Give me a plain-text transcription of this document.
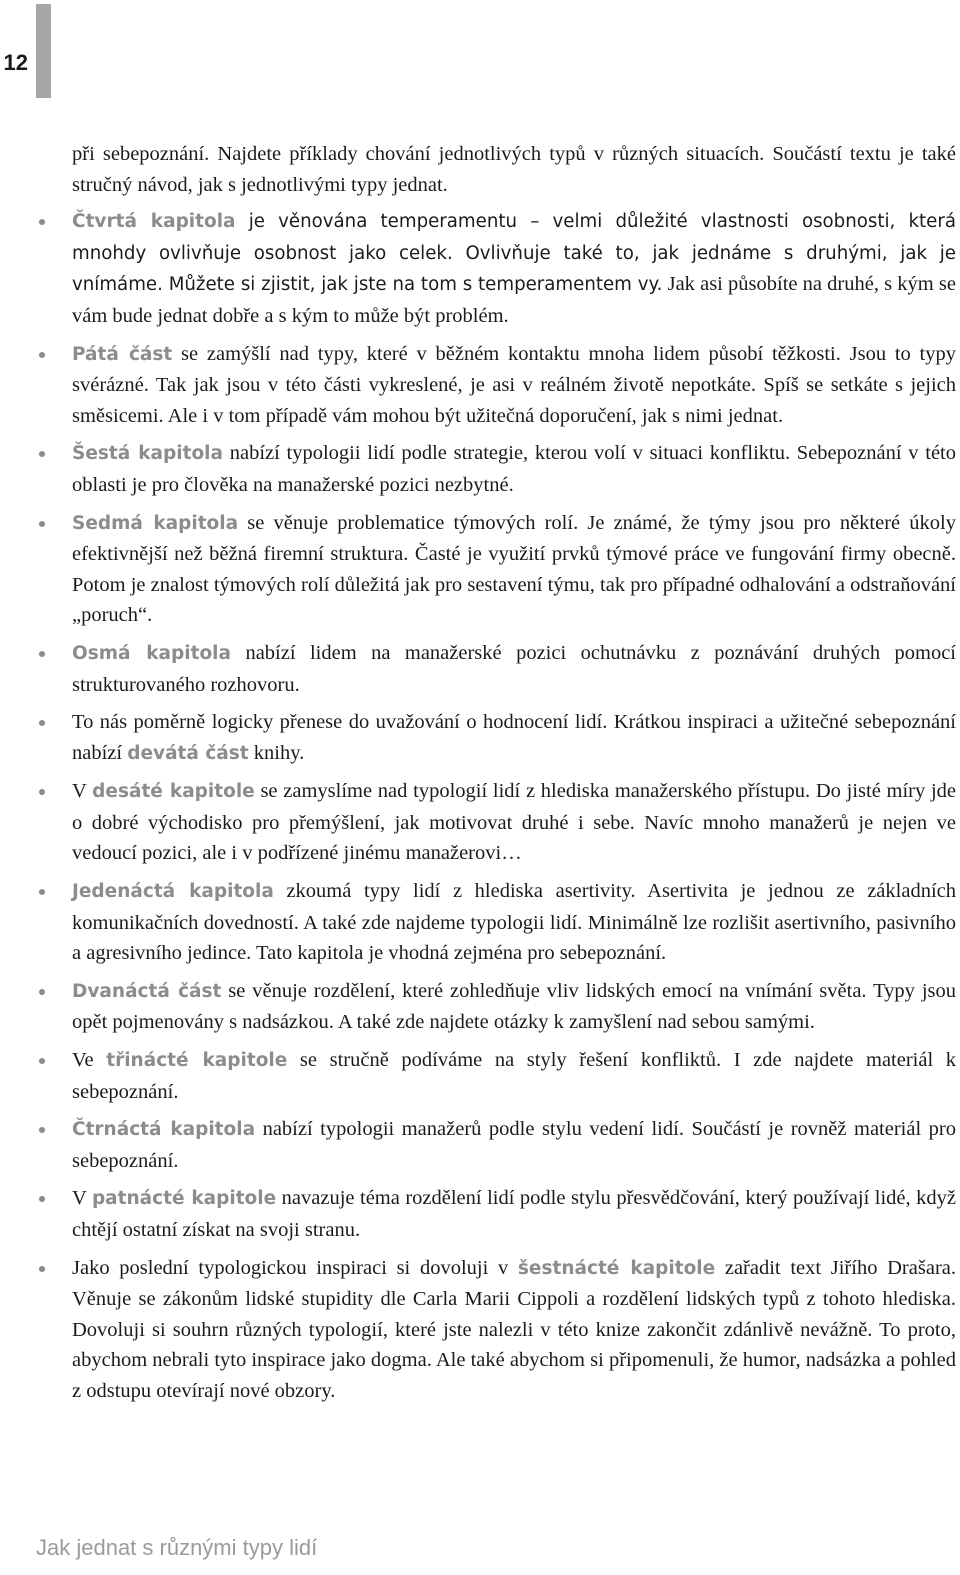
12

při sebepoznání. Najdete příklady chování jednotlivých typů v různých situacích. Součástí textu je také stručný návod, jak s jednotlivými typy jednat.

Čtvrtá kapitola je věnována temperamentu – velmi důležité vlastnosti osobnosti, která mnohdy ovlivňuje osobnost jako celek. Ovlivňuje také to, jak jednáme s druhými, jak je vnímáme. Můžete si zjistit, jak jste na tom s temperamentem vy. Jak asi působíte na druhé, s kým se vám bude jednat dobře a s kým to může být problém.
Pátá část se zamýšlí nad typy, které v běžném kontaktu mnoha lidem působí těžkosti. Jsou to typy svérázné. Tak jak jsou v této části vykreslené, je asi v reálném životě nepotkáte. Spíš se setkáte s jejich směsicemi. Ale i v tom případě vám mohou být užitečná doporučení, jak s nimi jednat.
Šestá kapitola nabízí typologii lidí podle strategie, kterou volí v situaci konfliktu. Sebepoznání v této oblasti je pro člověka na manažerské pozici nezbytné.
Sedmá kapitola se věnuje problematice týmových rolí. Je známé, že týmy jsou pro některé úkoly efektivnější než běžná firemní struktura. Časté je využití prvků týmové práce ve fungování firmy obecně. Potom je znalost týmových rolí důležitá jak pro sestavení týmu, tak pro případné odhalování a odstraňování „poruch“.
Osmá kapitola nabízí lidem na manažerské pozici ochutnávku z poznávání druhých pomocí strukturovaného rozhovoru.
To nás poměrně logicky přenese do uvažování o hodnocení lidí. Krátkou inspiraci a užitečné sebepoznání nabízí devátá část knihy.
V desáté kapitole se zamyslíme nad typologií lidí z hlediska manažerského přístupu. Do jisté míry jde o dobré východisko pro přemýšlení, jak motivovat druhé i sebe. Navíc mnoho manažerů je nejen ve vedoucí pozici, ale i v podřízené jinému manažerovi…
Jedenáctá kapitola zkoumá typy lidí z hlediska asertivity. Asertivita je jednou ze základních komunikačních dovedností. A také zde najdeme typologii lidí. Minimálně lze rozlišit asertivního, pasivního a agresivního jedince. Tato kapitola je vhodná zejména pro sebepoznání.
Dvanáctá část se věnuje rozdělení, které zohledňuje vliv lidských emocí na vnímání světa. Typy jsou opět pojmenovány s nadsázkou. A také zde najdete otázky k zamyšlení nad sebou samými.
Ve třinácté kapitole se stručně podíváme na styly řešení konfliktů. I zde najdete materiál k sebepoznání.
Čtrnáctá kapitola nabízí typologii manažerů podle stylu vedení lidí. Součástí je rovněž materiál pro sebepoznání.
V patnácté kapitole navazuje téma rozdělení lidí podle stylu přesvědčování, který používají lidé, když chtějí ostatní získat na svoji stranu.
Jako poslední typologickou inspiraci si dovoluji v šestnácté kapitole zařadit text Jiřího Drašara. Věnuje se zákonům lidské stupidity dle Carla Marii Cippoli a rozdělení lidských typů z tohoto hlediska. Dovoluji si souhrn různých typologií, které jste nalezli v této knize zakončit zdánlivě nevážně. To proto, abychom nebrali tyto inspirace jako dogma. Ale také abychom si připomenuli, že humor, nadsázka a pohled z odstupu otevírají nové obzory.
Jak jednat s různými typy lidí
